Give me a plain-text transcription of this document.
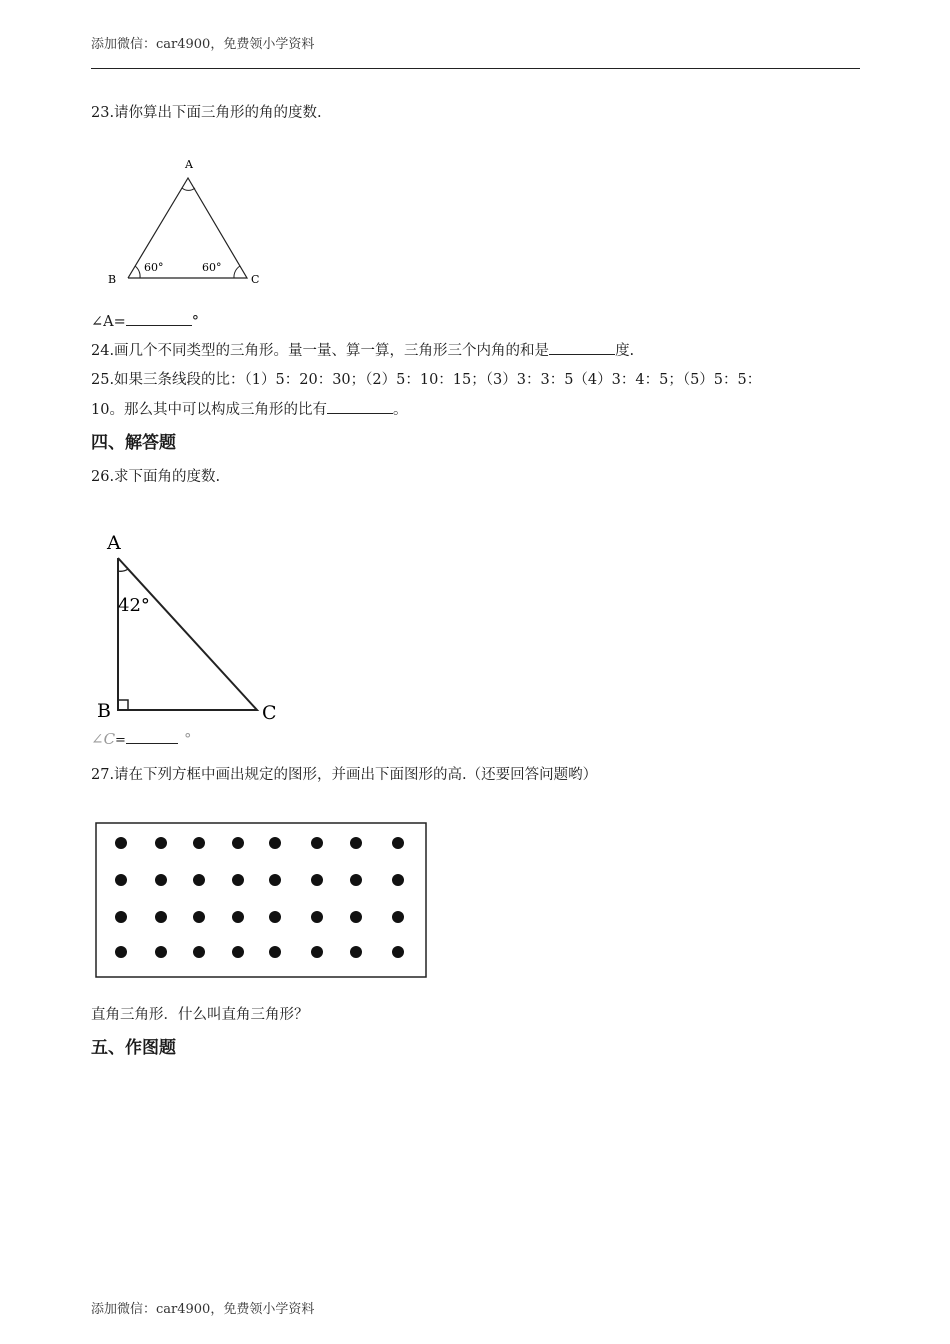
添加微信：car4900，免费领小学资料
23.请你算出下面三角形的角的度数.
A
B	C
60°	60°
∠A=	°
24.画几个不同类型的三角形。量一量、算一算，三角形三个内角的和是	度.
25.如果三条线段的比：（1）5：20：30；（2）5：10：15；（3）3：3：5（4）3：4：5；（5）5：5：
10。那么其中可以构成三角形的比有	。
四、解答题
26.求下面角的度数.
A
B	C
42°
∠C=	°
27.请在下列方框中画出规定的图形，并画出下面图形的高.（还要回答问题哟）
直角三角形．什么叫直角三角形？
五、作图题
添加微信：car4900，免费领小学资料
